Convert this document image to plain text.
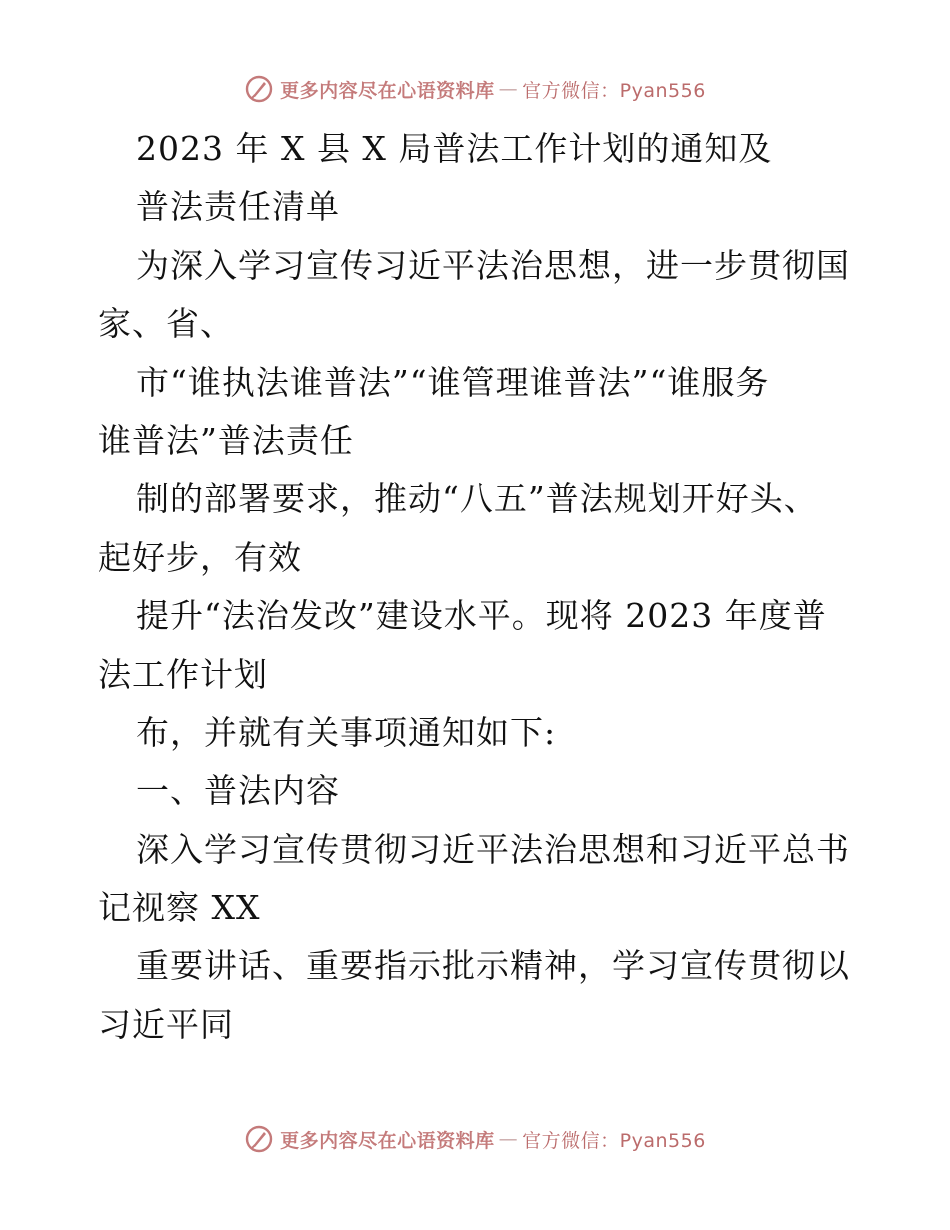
更多内容尽在心语资料库 — 官方微信：Pyan556
2023 年 X 县 X 局普法工作计划的通知及
普法责任清单
为深入学习宣传习近平法治思想，进一步贯彻国
家、省、
市“谁执法谁普法”“谁管理谁普法”“谁服务
谁普法”普法责任
制的部署要求，推动“八五”普法规划开好头、
起好步，有效
提升“法治发改”建设水平。现将 2023 年度普
法工作计划
布，并就有关事项通知如下:
一、普法内容
深入学习宣传贯彻习近平法治思想和习近平总书
记视察 XX
重要讲话、重要指示批示精神，学习宣传贯彻以
习近平同
更多内容尽在心语资料库 — 官方微信：Pyan556
